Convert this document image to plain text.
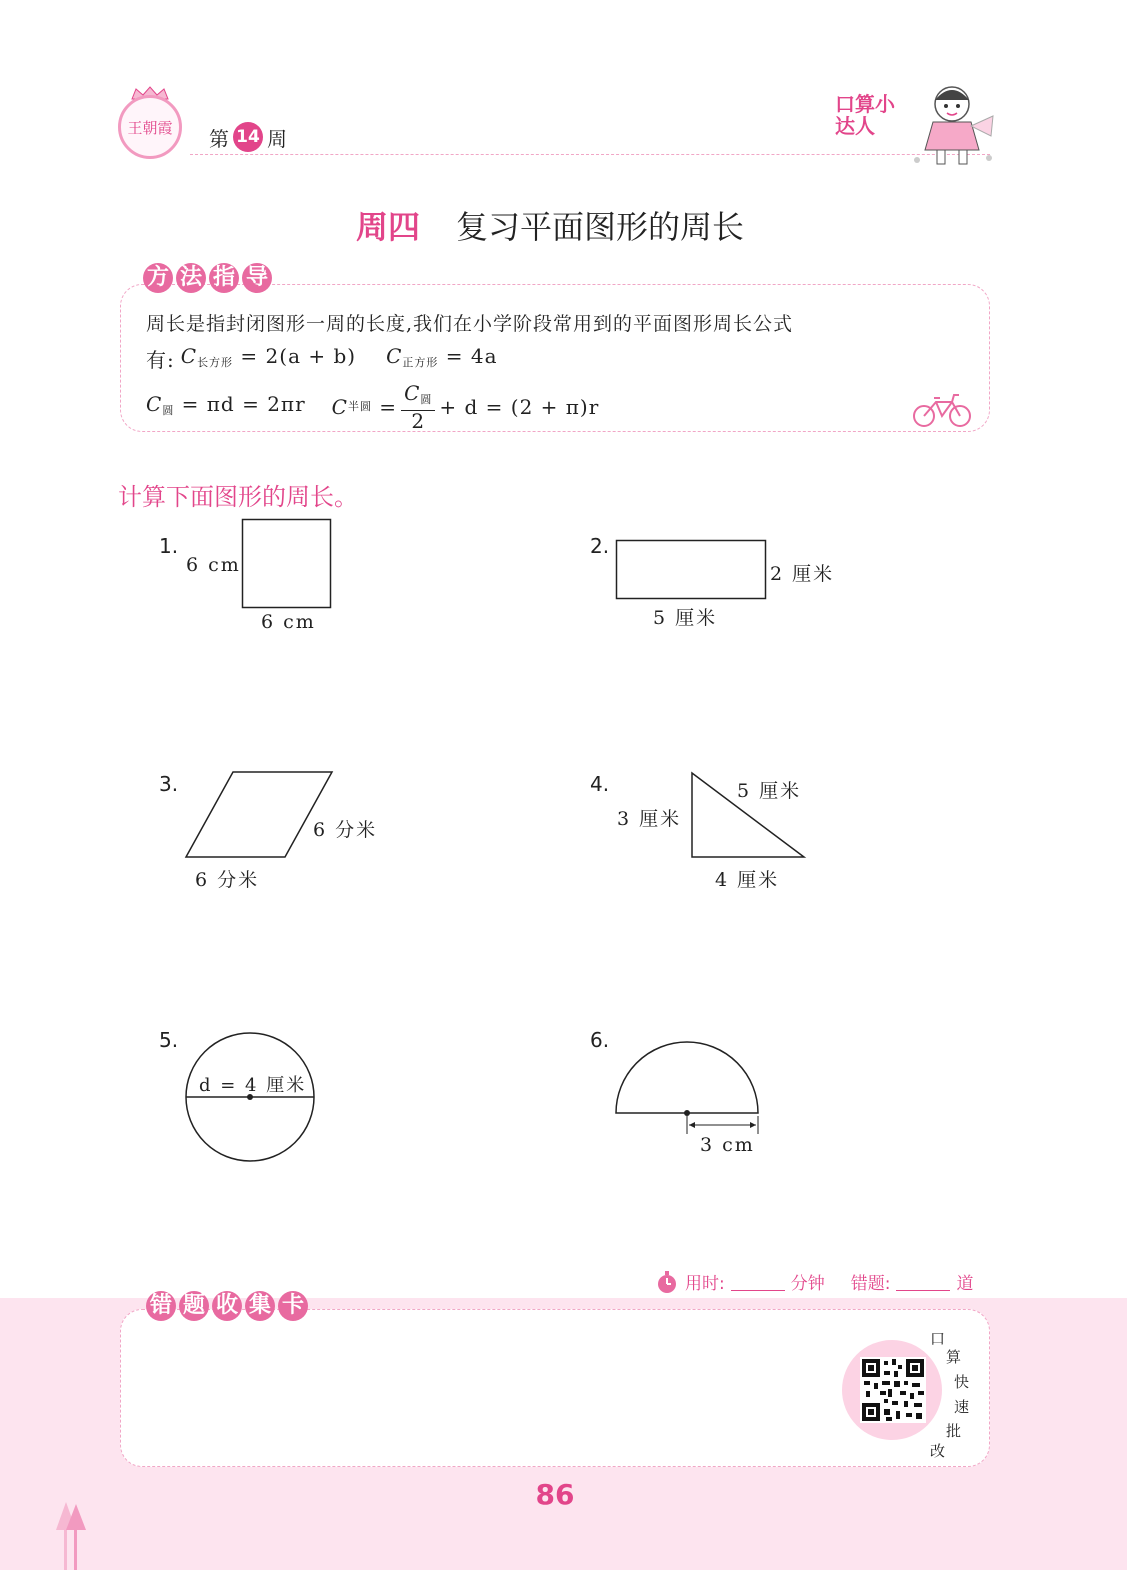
王朝霞 第 14 周
口算小达人
周四 复习平面图形的周长
方 法 指 导
周长是指封闭图形一周的长度,我们在小学阶段常用到的平面图形周长公式
有: $C_{长方形} = 2(a + b) C_{正方形} = 4a$
$C_圆 = \pi d = 2\pi r$ C 半圆 = $\frac{C_圆}{2} + d = (2 + \pi)r$
计算下面图形的周长。
1.
6 cm
6 cm
2.
2 厘米
5 厘米
3.
6 分米
6 分米
4.	5 厘米
3 厘米
4 厘米
5.
d = 4 厘米
6.
3 cm
用时:	分钟 错题:	道
错 题 收 集 卡
口
算
快
速
批
改
86
